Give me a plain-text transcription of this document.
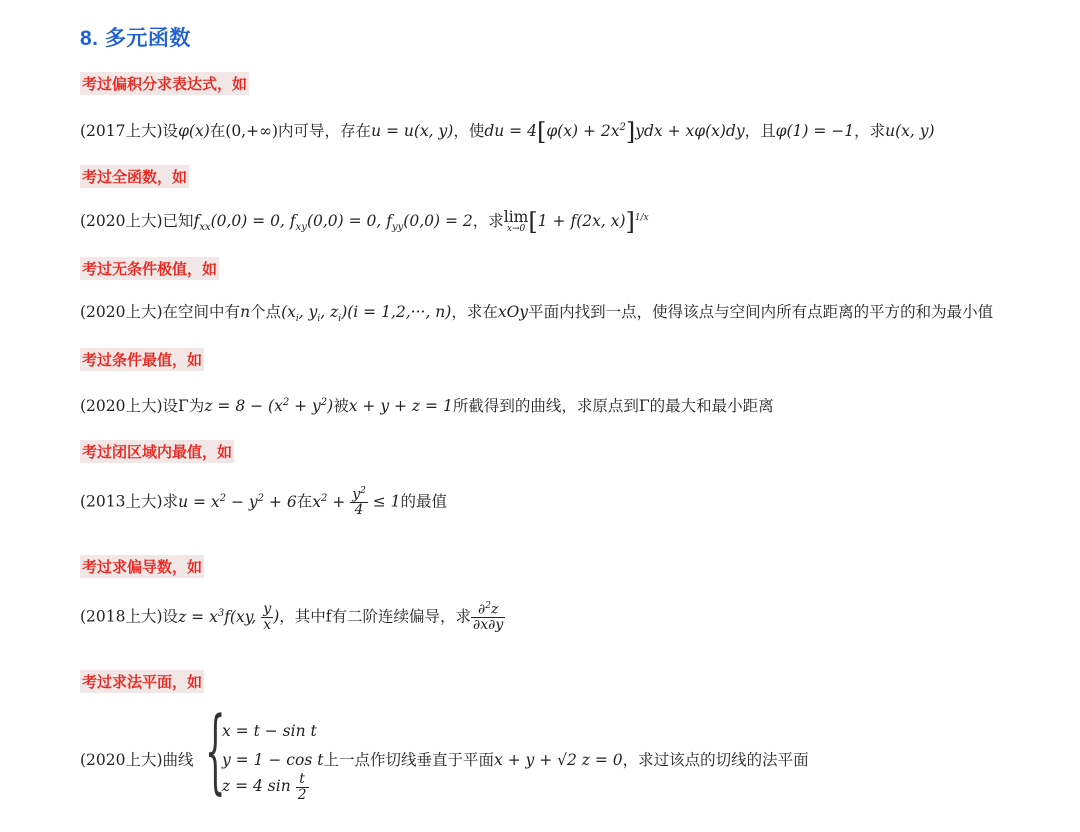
8. 多元函数
考过偏积分求表达式，如
(2017上大)设φ(x)在(0,+∞)内可导，存在u = u(x, y)，使du = $4[\varphi(x) + 2x^2]ydx + x\varphi(x)dy$，且φ(1) = −1，求u(x, y)
考过全函数，如
(2020上大)已知$f_{xx}(0,0) = 0$, $f_{xy}(0,0) = 0$, $f_{yy}(0,0) = 2$，求lim
x→0 [1 + f(2x, x)]$^{1/x}$
考过无条件极值，如
(2020上大)在空间中有n个点($x_i$, $y_i$, $z_i)(i = 1,2,\cdot\cdot\cdot$, n)，求在xOy平面内找到一点，使得该点与空间内所有点距离的平方的和为最小值
考过条件最值，如
(2020上大)设Γ为$z = 8 - (x^2 + y^2)$被x + y + z = 1所截得到的曲线，求原点到Γ的最大和最小距离
考过闭区域内最值，如
(2013上大)求$u = x^2 - y^2 + 6$在$x^2 + \frac{y^2}{4} \le 1$的最值
考过求偏导数，如
(2018上大)设$z = x^3f(xy$, $\frac{y}{x}$ )，其中f有二阶连续偏导，求 $\frac{\partial^2z}{\partial x\partial y}$
考过求法平面，如
(2020上大)曲线 {
x = t − sin t
y = 1 − cos t上一点作切线垂直于平面x + y + √2 z = 0，求过该点的切线的法平面
z = 4 $\sin \frac{t}{2}$
